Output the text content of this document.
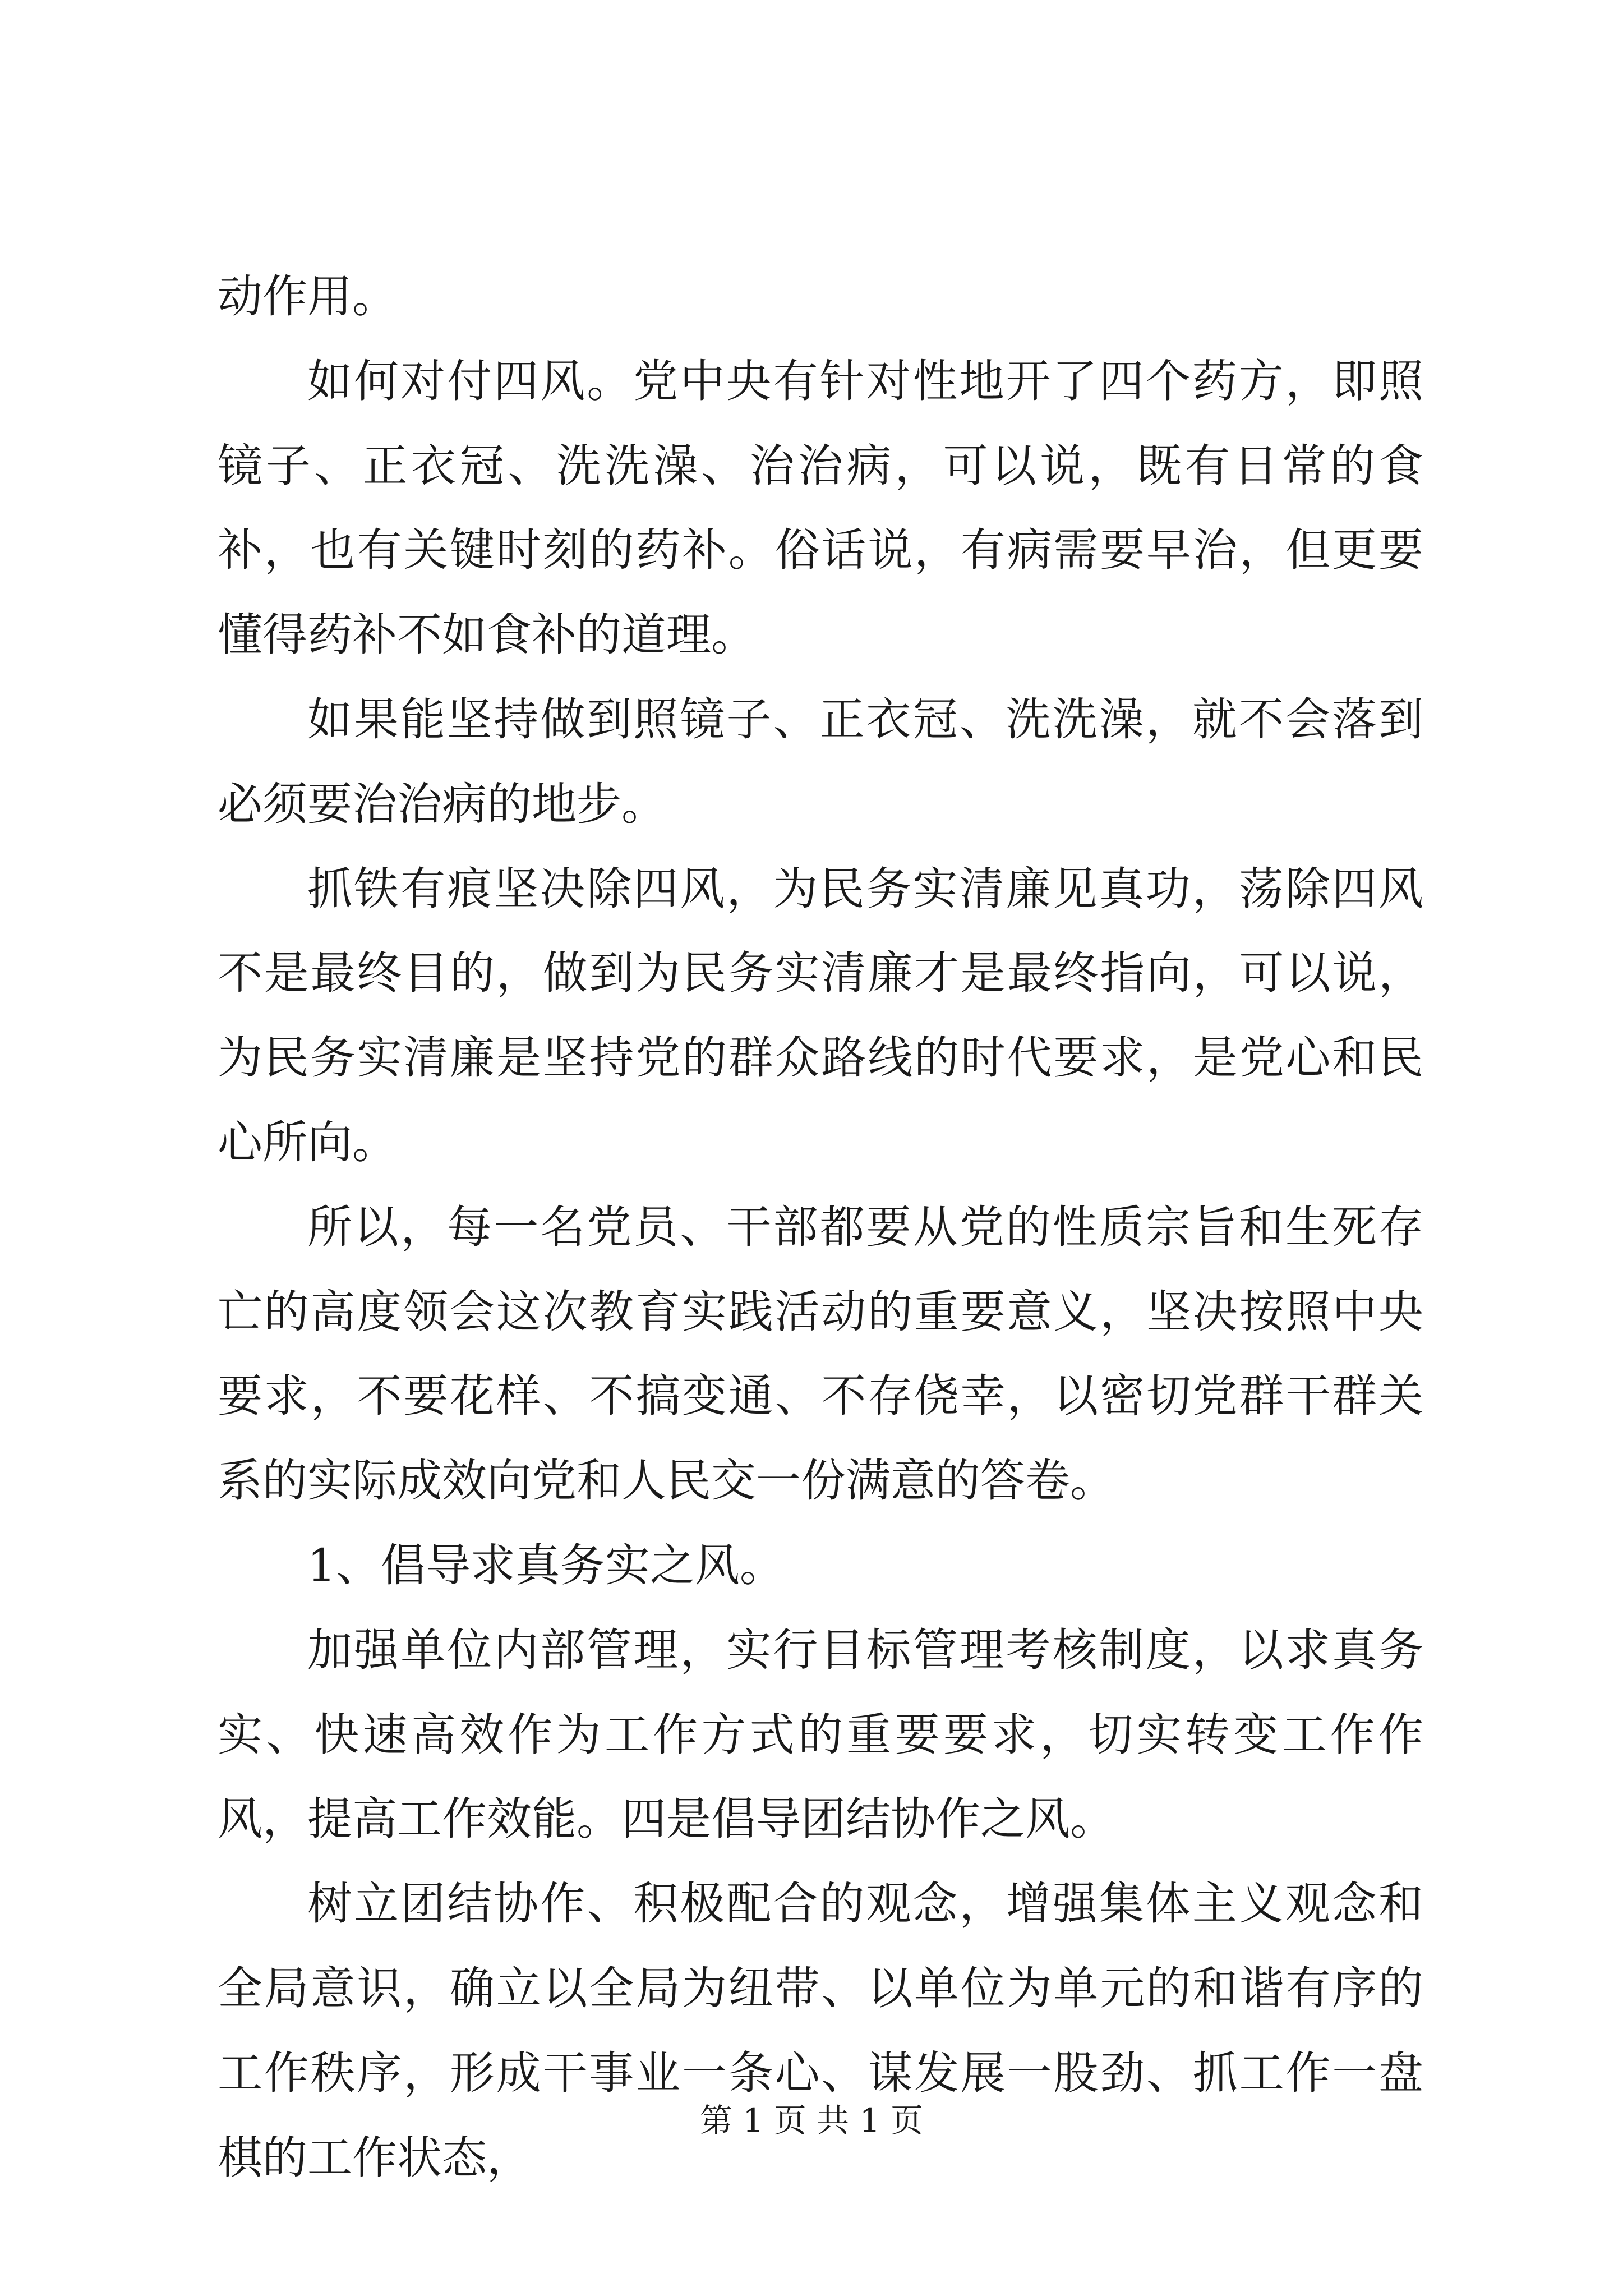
动作用。

如何对付四风。党中央有针对性地开了四个药方，即照镜子、正衣冠、洗洗澡、治治病，可以说，既有日常的食补，也有关键时刻的药补。俗话说，有病需要早治，但更要懂得药补不如食补的道理。

如果能坚持做到照镜子、正衣冠、洗洗澡，就不会落到必须要治治病的地步。

抓铁有痕坚决除四风，为民务实清廉见真功，荡除四风不是最终目的，做到为民务实清廉才是最终指向，可以说，为民务实清廉是坚持党的群众路线的时代要求，是党心和民心所向。

所以，每一名党员、干部都要从党的性质宗旨和生死存亡的高度领会这次教育实践活动的重要意义，坚决按照中央要求，不要花样、不搞变通、不存侥幸，以密切党群干群关系的实际成效向党和人民交一份满意的答卷。

1、倡导求真务实之风。

加强单位内部管理，实行目标管理考核制度，以求真务实、快速高效作为工作方式的重要要求，切实转变工作作风，提高工作效能。四是倡导团结协作之风。

树立团结协作、积极配合的观念，增强集体主义观念和全局意识，确立以全局为纽带、以单位为单元的和谐有序的工作秩序，形成干事业一条心、谋发展一股劲、抓工作一盘棋的工作状态，

第 1 页 共 1 页
